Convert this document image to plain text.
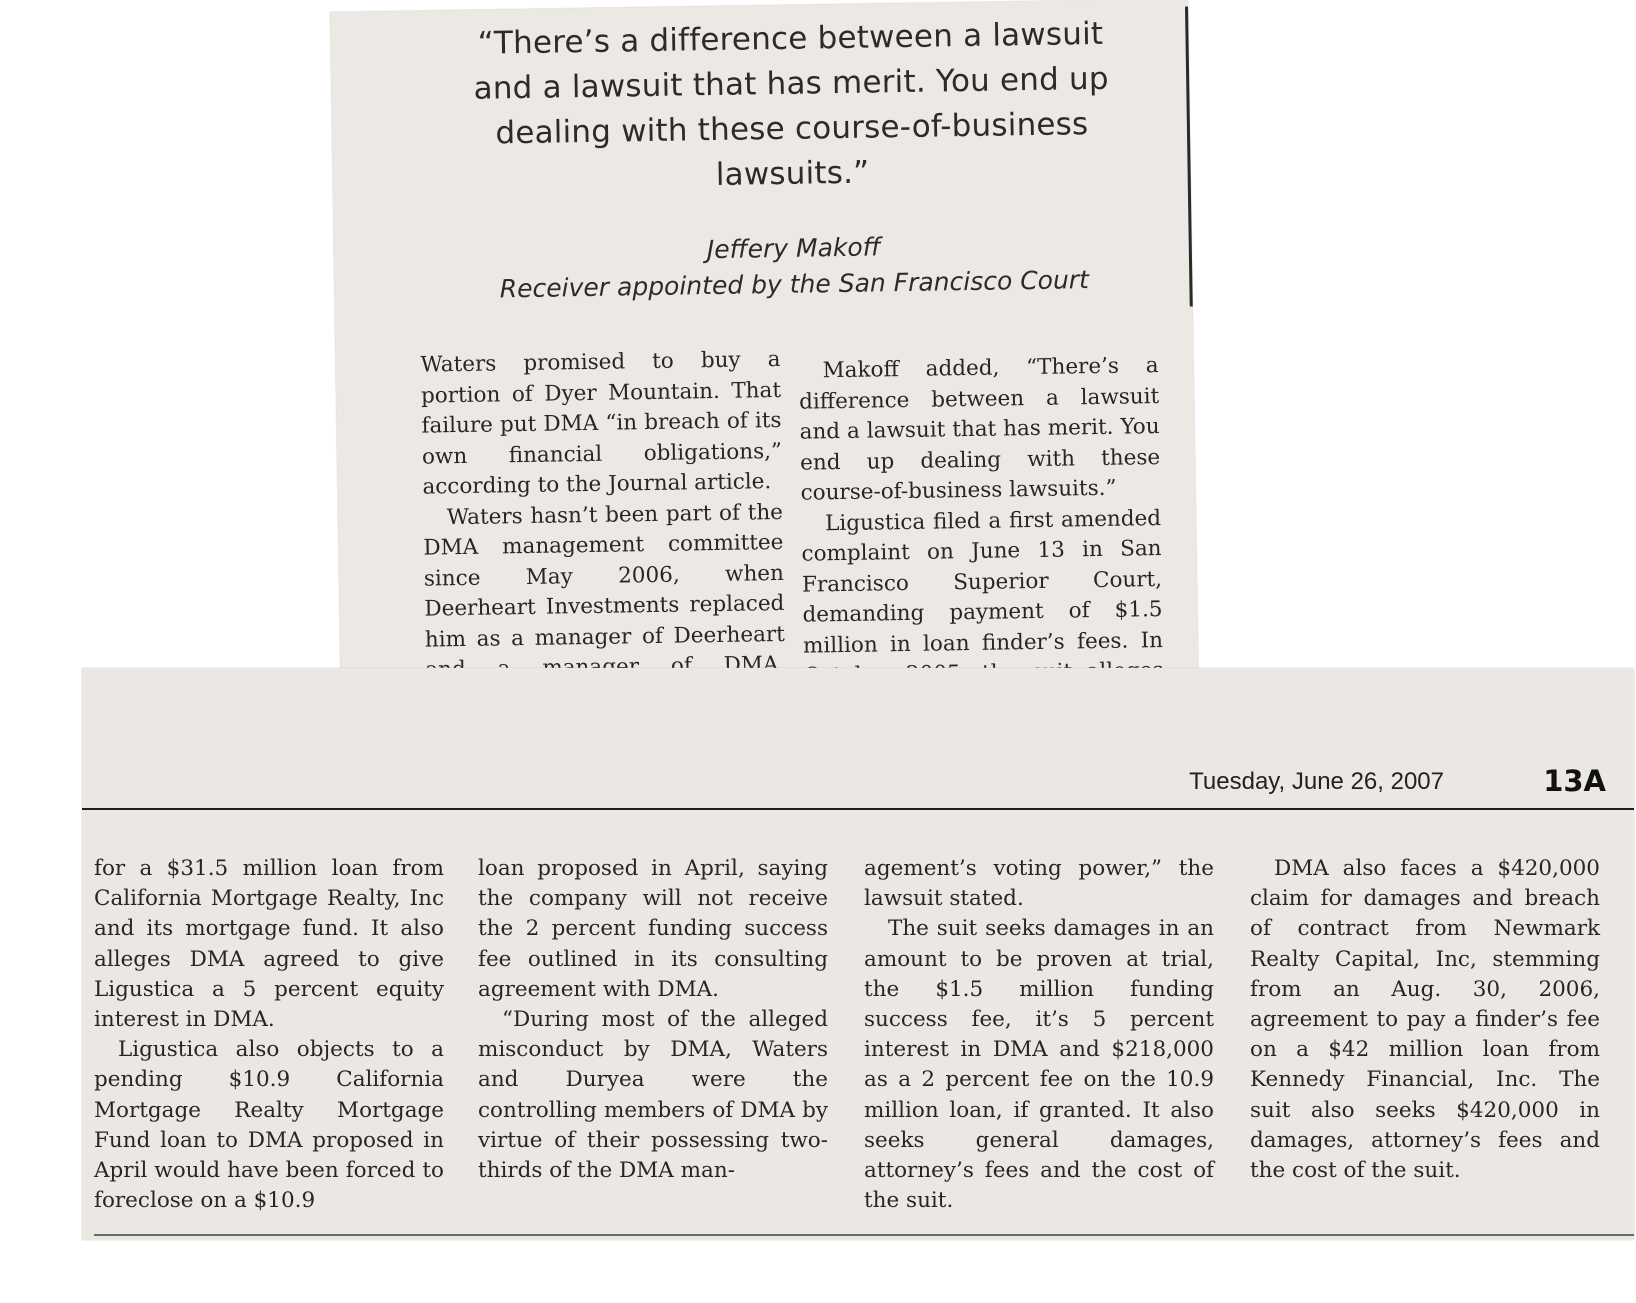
“There’s a difference between a lawsuit and a lawsuit that has merit. You end up dealing with these course-of-business lawsuits.”
Jeffery Makoff
Receiver appointed by the San Francisco Court

Waters promised to buy a portion of Dyer Mountain. That failure put DMA “in breach of its own financial obligations,” according to the Journal article.

Waters hasn’t been part of the DMA management committee since May 2006, when Deerheart Investments replaced him as a manager of Deerheart of DMA,

Makoff added, “There’s a difference between a lawsuit and a lawsuit that has merit. You end up dealing with these course-of-business lawsuits.”

Ligustica filed a first amended complaint on June 13 in San Francisco Superior Court, demanding payment of $1.5 million in loan finder’s fees. In

Tuesday, June 26, 2007	13A

for a $31.5 million loan from California Mortgage Realty, Inc and its mortgage fund. It also alleges DMA agreed to give Ligustica a 5 percent equity interest in DMA.

Ligustica also objects to a pending $10.9 California Mortgage Realty Mortgage Fund loan to DMA proposed in April would have been forced to foreclose on a $10.9

loan proposed in April, saying the company will not receive the 2 percent funding success fee outlined in its consulting agreement with DMA.

“During most of the alleged misconduct by DMA, Waters and Duryea were the controlling members of DMA by virtue of their possessing two-thirds of the DMA man-

agement’s voting power,” the lawsuit stated.

The suit seeks damages in an amount to be proven at trial, the $1.5 million funding success fee, it’s 5 percent interest in DMA and $218,000 as a 2 percent fee on the 10.9 million loan, if granted. It also seeks general damages, attorney’s fees and the cost of the suit.

DMA also faces a $420,000 claim for damages and breach of contract from Newmark Realty Capital, Inc, stemming from an Aug. 30, 2006, agreement to pay a finder’s fee on a $42 million loan from Kennedy Financial, Inc. The suit also seeks $420,000 in damages, attorney’s fees and the cost of the suit.
